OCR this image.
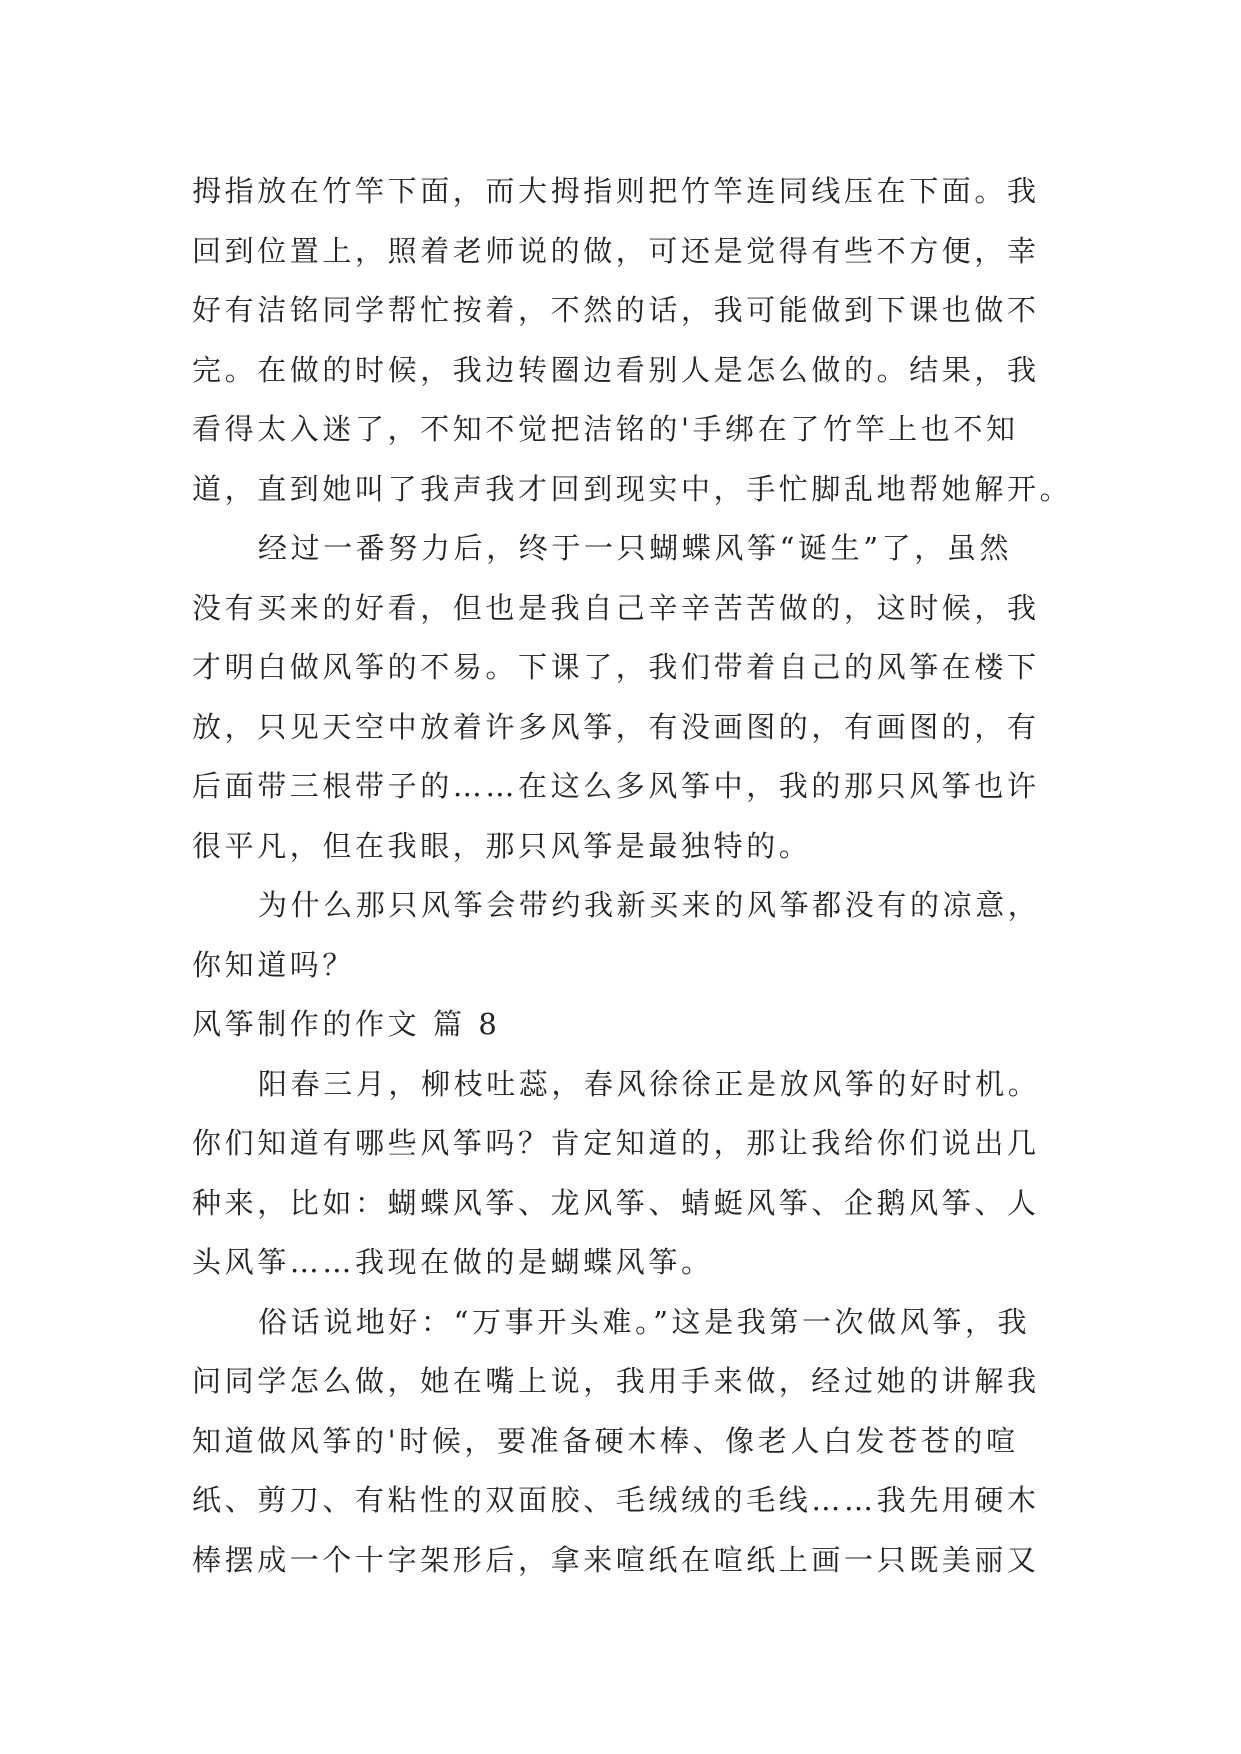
拇指放在竹竿下面，而大拇指则把竹竿连同线压在下面。我
回到位置上，照着老师说的做，可还是觉得有些不方便，幸
好有洁铭同学帮忙按着，不然的话，我可能做到下课也做不
完。在做的时候，我边转圈边看别人是怎么做的。结果，我
看得太入迷了，不知不觉把洁铭的'手绑在了竹竿上也不知
道，直到她叫了我声我才回到现实中，手忙脚乱地帮她解开。
经过一番努力后，终于一只蝴蝶风筝“诞生”了，虽然
没有买来的好看，但也是我自己辛辛苦苦做的，这时候，我
才明白做风筝的不易。下课了，我们带着自己的风筝在楼下
放，只见天空中放着许多风筝，有没画图的，有画图的，有
后面带三根带子的……在这么多风筝中，我的那只风筝也许
很平凡，但在我眼，那只风筝是最独特的。
为什么那只风筝会带约我新买来的风筝都没有的凉意，
你知道吗？
风筝制作的作文 篇 8
阳春三月，柳枝吐蕊，春风徐徐正是放风筝的好时机。
你们知道有哪些风筝吗？肯定知道的，那让我给你们说出几
种来，比如：蝴蝶风筝、龙风筝、蜻蜓风筝、企鹅风筝、人
头风筝……我现在做的是蝴蝶风筝。
俗话说地好：“万事开头难。”这是我第一次做风筝，我
问同学怎么做，她在嘴上说，我用手来做，经过她的讲解我
知道做风筝的'时候，要准备硬木棒、像老人白发苍苍的喧
纸、剪刀、有粘性的双面胶、毛绒绒的毛线……我先用硬木
棒摆成一个十字架形后，拿来喧纸在喧纸上画一只既美丽又
